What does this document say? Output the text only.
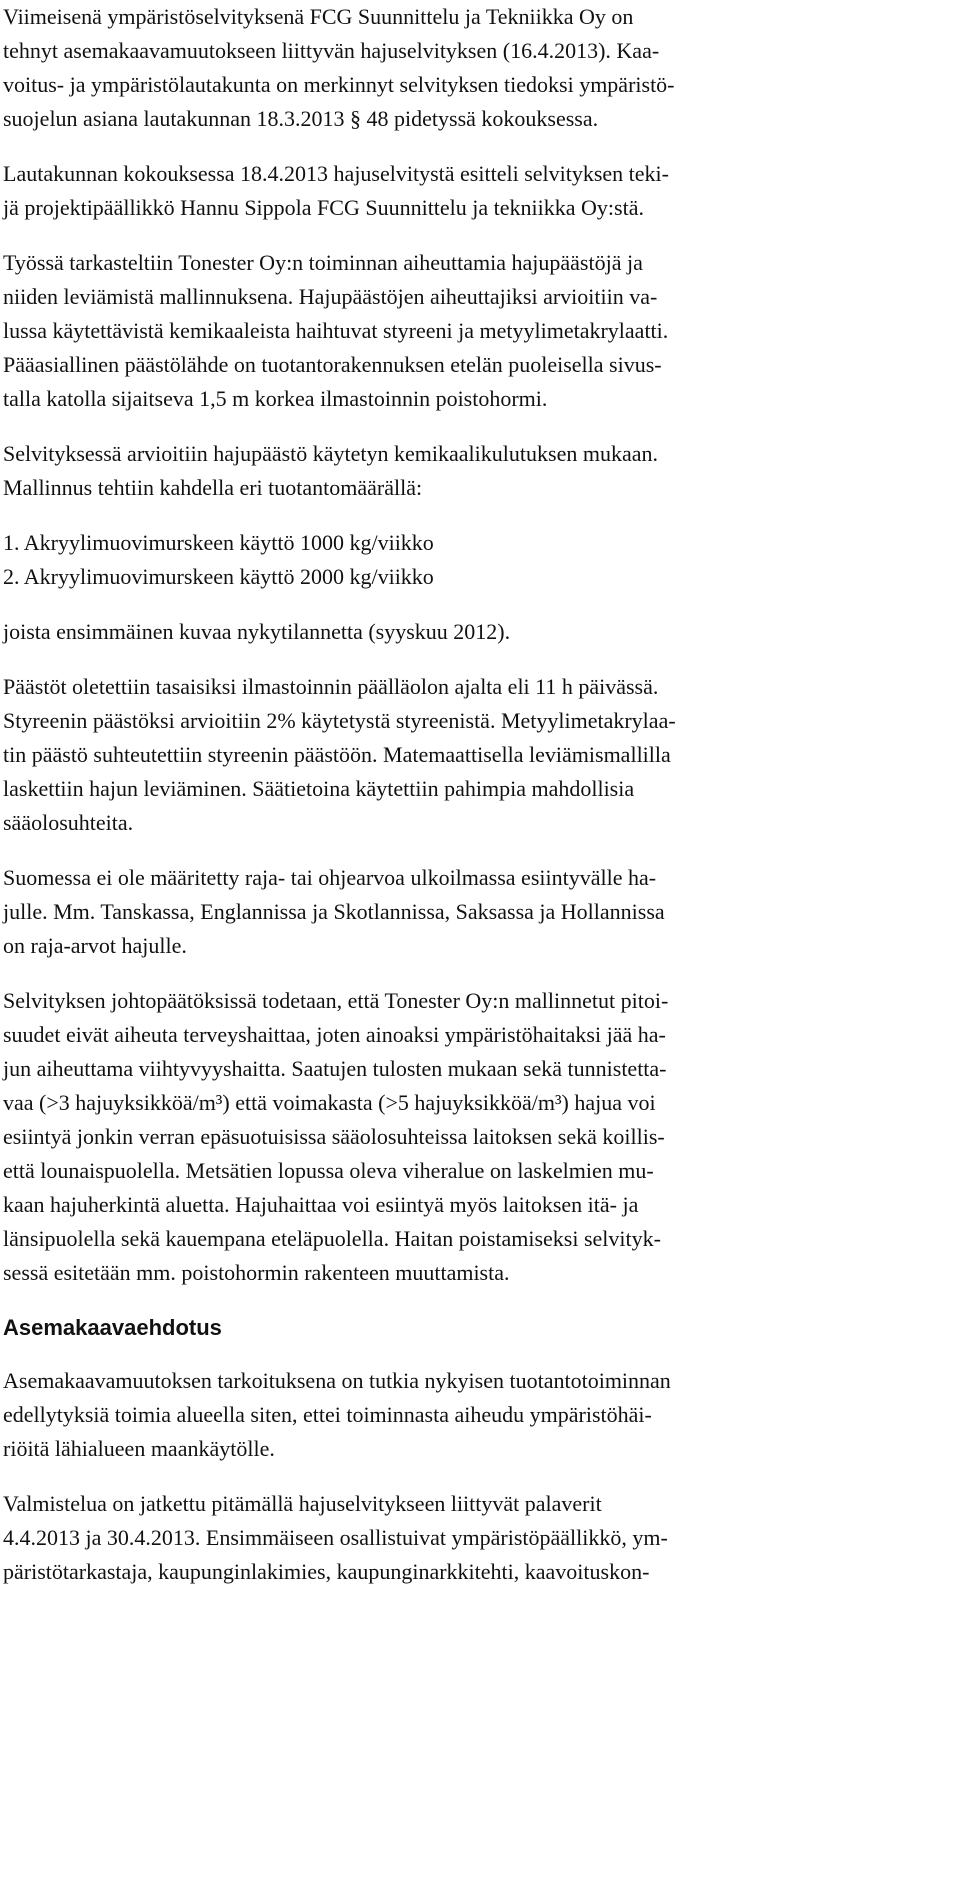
Viimeisenä ympäristöselvityksenä FCG Suunnittelu ja Tekniikka Oy on
tehnyt asemakaavamuutokseen liittyvän hajuselvityksen (16.4.2013). Kaa-
voitus- ja ympäristölautakunta on merkinnyt selvityksen tiedoksi ympäristö-
suojelun asiana lautakunnan 18.3.2013 § 48 pidetyssä kokouksessa.
Lautakunnan kokouksessa 18.4.2013 hajuselvitystä esitteli selvityksen teki-
jä projektipäällikkö Hannu Sippola FCG Suunnittelu ja tekniikka Oy:stä.
Työssä tarkasteltiin Tonester Oy:n toiminnan aiheuttamia hajupäästöjä ja
niiden leviämistä mallinnuksena. Hajupäästöjen aiheuttajiksi arvioitiin va-
lussa käytettävistä kemikaaleista haihtuvat styreeni ja metyylimetakrylaatti.
Pääasiallinen päästölähde on tuotantorakennuksen etelän puoleisella sivus-
talla katolla sijaitseva 1,5 m korkea ilmastoinnin poistohormi.
Selvityksessä arvioitiin hajupäästö käytetyn kemikaalikulutuksen mukaan.
Mallinnus tehtiin kahdella eri tuotantomäärällä:
1. Akryylimuovimurskeen käyttö 1000 kg/viikko
2. Akryylimuovimurskeen käyttö 2000 kg/viikko
joista ensimmäinen kuvaa nykytilannetta (syyskuu 2012).
Päästöt oletettiin tasaisiksi ilmastoinnin päälläolon ajalta eli 11 h päivässä.
Styreenin päästöksi arvioitiin 2% käytetystä styreenistä. Metyylimetakrylaa-
tin päästö suhteutettiin styreenin päästöön. Matemaattisella leviämismallilla
laskettiin hajun leviäminen. Säätietoina käytettiin pahimpia mahdollisia
sääolosuhteita.
Suomessa ei ole määritetty raja- tai ohjearvoa ulkoilmassa esiintyvälle ha-
julle. Mm. Tanskassa, Englannissa ja Skotlannissa, Saksassa ja Hollannissa
on raja-arvot hajulle.
Selvityksen johtopäätöksissä todetaan, että Tonester Oy:n mallinnetut pitoi-
suudet eivät aiheuta terveyshaittaa, joten ainoaksi ympäristöhaitaksi jää ha-
jun aiheuttama viihtyvyyshaitta. Saatujen tulosten mukaan sekä tunnistetta-
vaa (>3 hajuyksikköä/m³) että voimakasta (>5 hajuyksikköä/m³) hajua voi
esiintyä jonkin verran epäsuotuisissa sääolosuhteissa laitoksen sekä koillis-
että lounaispuolella. Metsätien lopussa oleva viheralue on laskelmien mu-
kaan hajuherkintä aluetta. Hajuhaittaa voi esiintyä myös laitoksen itä- ja
länsipuolella sekä kauempana eteläpuolella. Haitan poistamiseksi selvityk-
sessä esitetään mm. poistohormin rakenteen muuttamista.
Asemakaavaehdotus
Asemakaavamuutoksen tarkoituksena on tutkia nykyisen tuotantotoiminnan
edellytyksiä toimia alueella siten, ettei toiminnasta aiheudu ympäristöhäi-
riöitä lähialueen maankäytölle.
Valmistelua on jatkettu pitämällä hajuselvitykseen liittyvät palaverit
4.4.2013 ja 30.4.2013. Ensimmäiseen osallistuivat ympäristöpäällikkö, ym-
päristötarkastaja, kaupunginlakimies, kaupunginarkkitehti, kaavoituskon-
